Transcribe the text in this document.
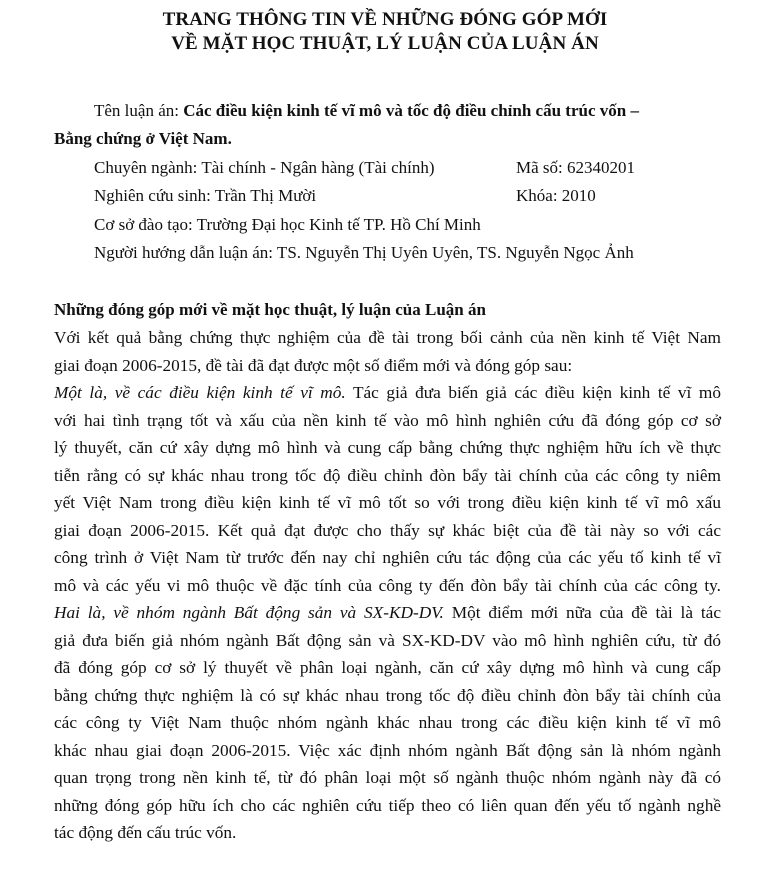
TRANG THÔNG TIN VỀ NHỮNG ĐÓNG GÓP MỚI
VỀ MẶT HỌC THUẬT, LÝ LUẬN CỦA LUẬN ÁN
Tên luận án: Các điều kiện kinh tế vĩ mô và tốc độ điều chỉnh cấu trúc vốn –
Bằng chứng ở Việt Nam.
Chuyên ngành: Tài chính - Ngân hàng (Tài chính)	Mã số: 62340201
Nghiên cứu sinh: Trần Thị Mười	Khóa: 2010
Cơ sở đào tạo: Trường Đại học Kinh tế TP. Hồ Chí Minh
Người hướng dẫn luận án: TS. Nguyễn Thị Uyên Uyên, TS. Nguyễn Ngọc Ảnh
Những đóng góp mới về mặt học thuật, lý luận của Luận án

Với kết quả bằng chứng thực nghiệm của đề tài trong bối cảnh của nền kinh tế Việt Nam

giai đoạn 2006-2015, đề tài đã đạt được một số điểm mới và đóng góp sau:

Một là, về các điều kiện kinh tế vĩ mô. Tác giả đưa biến giả các điều kiện kinh tế vĩ mô

với hai tình trạng tốt và xấu của nền kinh tế vào mô hình nghiên cứu đã đóng góp cơ sở

lý thuyết, căn cứ xây dựng mô hình và cung cấp bằng chứng thực nghiệm hữu ích về thực

tiễn rằng có sự khác nhau trong tốc độ điều chỉnh đòn bẩy tài chính của các công ty niêm

yết Việt Nam trong điều kiện kinh tế vĩ mô tốt so với trong điều kiện kinh tế vĩ mô xấu

giai đoạn 2006-2015. Kết quả đạt được cho thấy sự khác biệt của đề tài này so với các

công trình ở Việt Nam từ trước đến nay chỉ nghiên cứu tác động của các yếu tố kinh tế vĩ

mô và các yếu vi mô thuộc về đặc tính của công ty đến đòn bẩy tài chính của các công ty.

Hai là, về nhóm ngành Bất động sản và SX-KD-DV. Một điểm mới nữa của đề tài là tác

giả đưa biến giả nhóm ngành Bất động sản và SX-KD-DV vào mô hình nghiên cứu, từ đó

đã đóng góp cơ sở lý thuyết về phân loại ngành, căn cứ xây dựng mô hình và cung cấp

bằng chứng thực nghiệm là có sự khác nhau trong tốc độ điều chỉnh đòn bẩy tài chính của

các công ty Việt Nam thuộc nhóm ngành khác nhau trong các điều kiện kinh tế vĩ mô

khác nhau giai đoạn 2006-2015. Việc xác định nhóm ngành Bất động sản là nhóm ngành

quan trọng trong nền kinh tế, từ đó phân loại một số ngành thuộc nhóm ngành này đã có

những đóng góp hữu ích cho các nghiên cứu tiếp theo có liên quan đến yếu tố ngành nghề

tác động đến cấu trúc vốn.
